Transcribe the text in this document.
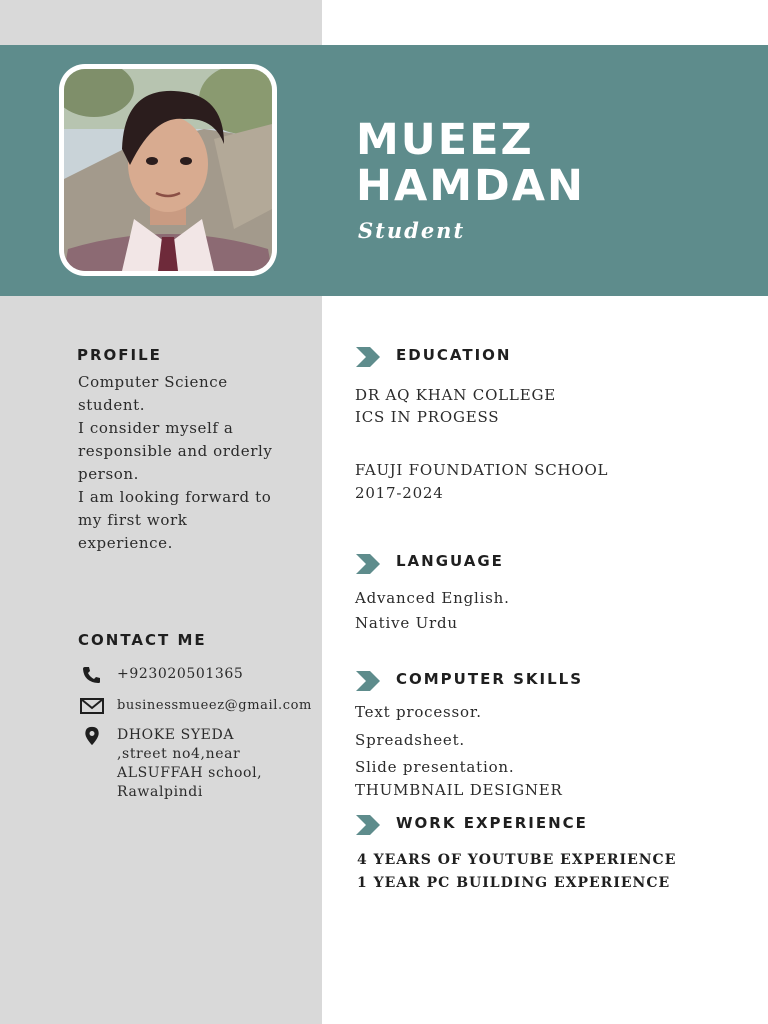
MUEEZ
HAMDAN
Student
PROFILE
Computer Science
student.
I consider myself a
responsible and orderly
person.
I am looking forward to
my first work
experience.
CONTACT ME
+923020501365
businessmueez@gmail.com
DHOKE SYEDA
,street no4,near
ALSUFFAH school,
Rawalpindi
EDUCATION
DR AQ KHAN COLLEGE
ICS IN PROGESS
FAUJI FOUNDATION SCHOOL
2017-2024
LANGUAGE
Advanced English.
Native Urdu
COMPUTER SKILLS
Text processor.
Spreadsheet.
Slide presentation.
THUMBNAIL DESIGNER
WORK EXPERIENCE
4 YEARS OF YOUTUBE EXPERIENCE
1 YEAR PC BUILDING EXPERIENCE
